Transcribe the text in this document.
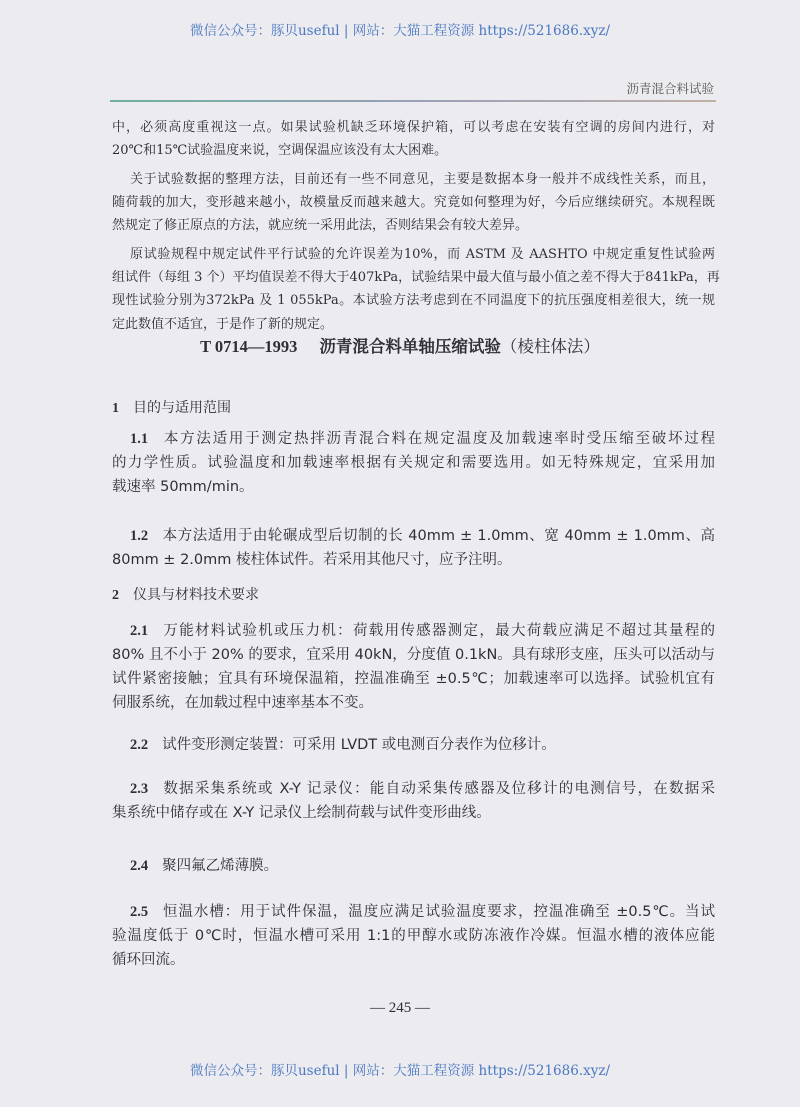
微信公众号：豚贝useful | 网站：大猫工程资源 https://521686.xyz/
沥青混合料试验
中，必须高度重视这一点。如果试验机缺乏环境保护箱，可以考虑在安装有空调的房间内进行，对
20℃和15℃试验温度来说，空调保温应该没有太大困难。
关于试验数据的整理方法，目前还有一些不同意见，主要是数据本身一般并不成线性关系，而且，
随荷载的加大，变形越来越小，故模量反而越来越大。究竟如何整理为好，今后应继续研究。本规程既
然规定了修正原点的方法，就应统一采用此法，否则结果会有较大差异。
原试验规程中规定试件平行试验的允许误差为10%，而 ASTM 及 AASHTO 中规定重复性试验两
组试件（每组 3 个）平均值误差不得大于407kPa，试验结果中最大值与最小值之差不得大于841kPa，再
现性试验分别为372kPa 及 1 055kPa。本试验方法考虑到在不同温度下的抗压强度相差很大，统一规
定此数值不适宜，于是作了新的规定。
T 0714—1993 沥青混合料单轴压缩试验（棱柱体法）
1 目的与适用范围
1.1 本方法适用于测定热拌沥青混合料在规定温度及加载速率时受压缩至破坏过程
的力学性质。试验温度和加载速率根据有关规定和需要选用。如无特殊规定，宜采用加
载速率 50mm/min。
1.2 本方法适用于由轮碾成型后切制的长 40mm ± 1.0mm、宽 40mm ± 1.0mm、高
80mm ± 2.0mm 棱柱体试件。若采用其他尺寸，应予注明。
2 仪具与材料技术要求
2.1 万能材料试验机或压力机：荷载用传感器测定，最大荷载应满足不超过其量程的
80% 且不小于 20% 的要求，宜采用 40kN，分度值 0.1kN。具有球形支座，压头可以活动与
试件紧密接触；宜具有环境保温箱，控温准确至 ±0.5℃；加载速率可以选择。试验机宜有
伺服系统，在加载过程中速率基本不变。
2.2 试件变形测定装置：可采用 LVDT 或电测百分表作为位移计。
2.3 数据采集系统或 X-Y 记录仪：能自动采集传感器及位移计的电测信号，在数据采
集系统中储存或在 X-Y 记录仪上绘制荷载与试件变形曲线。
2.4 聚四氟乙烯薄膜。
2.5 恒温水槽：用于试件保温，温度应满足试验温度要求，控温准确至 ±0.5℃。当试
验温度低于 0℃时，恒温水槽可采用 1:1的甲醇水或防冻液作冷媒。恒温水槽的液体应能
循环回流。
— 245 —
微信公众号：豚贝useful | 网站：大猫工程资源 https://521686.xyz/
